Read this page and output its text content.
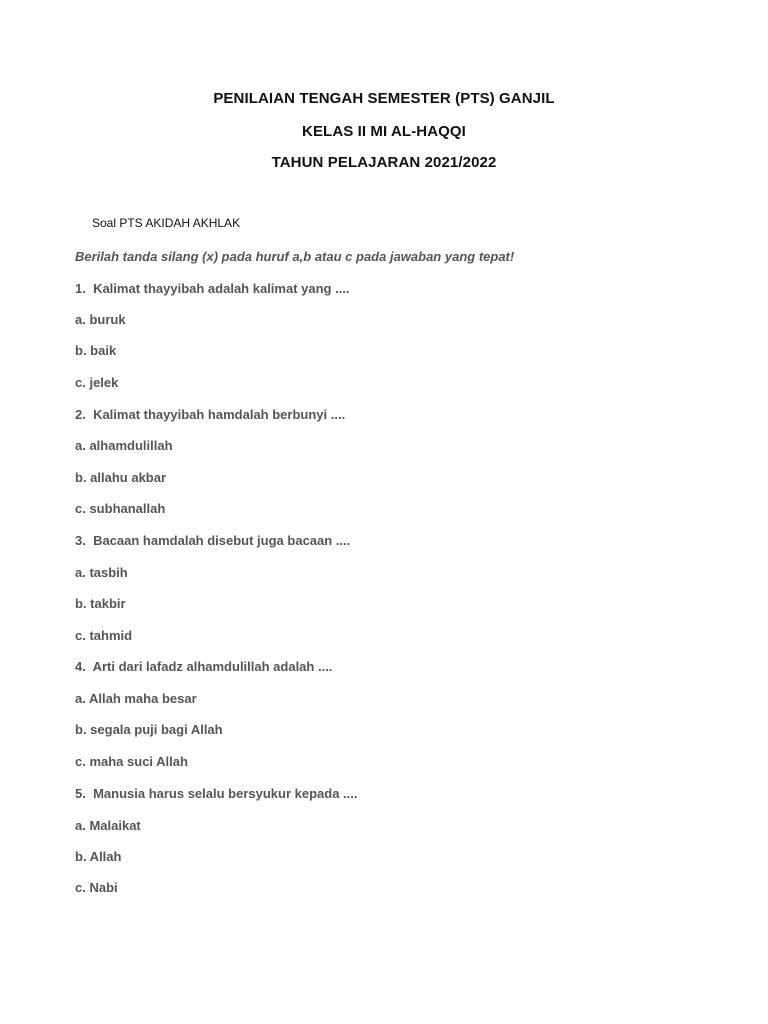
PENILAIAN TENGAH SEMESTER (PTS) GANJIL
KELAS II MI AL-HAQQI
TAHUN PELAJARAN 2021/2022
Soal PTS AKIDAH AKHLAK
Berilah tanda silang (x) pada huruf a,b atau c pada jawaban yang tepat!
1.  Kalimat thayyibah adalah kalimat yang ....
a. buruk
b. baik
c. jelek
2.  Kalimat thayyibah hamdalah berbunyi ....
a. alhamdulillah
b. allahu akbar
c. subhanallah
3.  Bacaan hamdalah disebut juga bacaan ....
a. tasbih
b. takbir
c. tahmid
4.  Arti dari lafadz alhamdulillah adalah ....
a. Allah maha besar
b. segala puji bagi Allah
c. maha suci Allah
5.  Manusia harus selalu bersyukur kepada ....
a. Malaikat
b. Allah
c. Nabi
